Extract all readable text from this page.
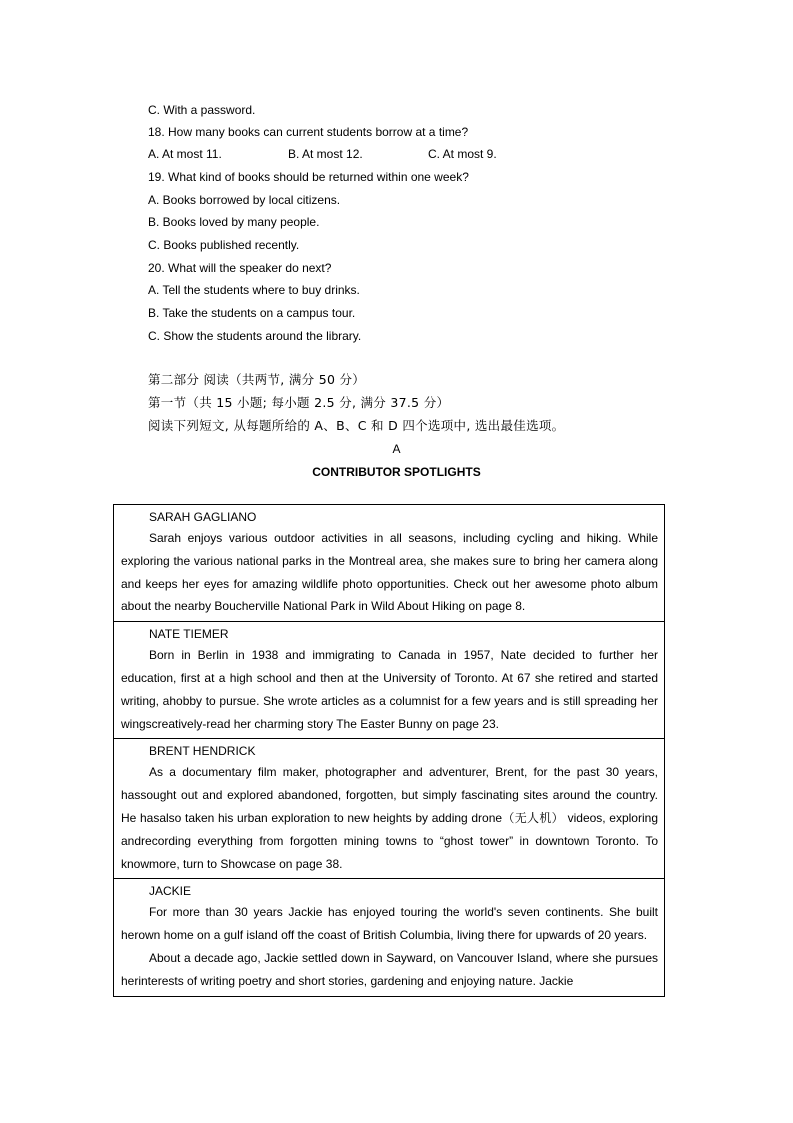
C. With a password.
18. How many books can current students borrow at a time?
A. At most 11.	B. At most 12.	C. At most 9.
19. What kind of books should be returned within one week?
A. Books borrowed by local citizens.
B. Books loved by many people.
C. Books published recently.
20. What will the speaker do next?
A. Tell the students where to buy drinks.
B. Take the students on a campus tour.
C. Show the students around the library.
第二部分 阅读（共两节, 满分 50 分）
第一节（共 15 小题; 每小题 2.5 分, 满分 37.5 分）
阅读下列短文, 从每题所给的 A、B、C 和 D 四个选项中, 选出最佳选项。
A
CONTRIBUTOR SPOTLIGHTS
SARAH GAGLIANO
Sarah enjoys various outdoor activities in all seasons, including cycling and hiking. While exploring the various national parks in the Montreal area, she makes sure to bring her camera along and keeps her eyes for amazing wildlife photo opportunities. Check out her awesome photo album about the nearby Boucherville National Park in Wild About Hiking on page 8.

NATE TIEMER
Born in Berlin in 1938 and immigrating to Canada in 1957, Nate decided to further her education, first at a high school and then at the University of Toronto. At 67 she retired and started writing, ahobby to pursue. She wrote articles as a columnist for a few years and is still spreading her wingscreatively-read her charming story The Easter Bunny on page 23.

BRENT HENDRICK
As a documentary film maker, photographer and adventurer, Brent, for the past 30 years, hassought out and explored abandoned, forgotten, but simply fascinating sites around the country. He hasalso taken his urban exploration to new heights by adding drone（无人机） videos, exploring andrecording everything from forgotten mining towns to “ghost tower” in downtown Toronto. To knowmore, turn to Showcase on page 38.

JACKIE
For more than 30 years Jackie has enjoyed touring the world's seven continents. She built herown home on a gulf island off the coast of British Columbia, living there for upwards of 20 years.
About a decade ago, Jackie settled down in Sayward, on Vancouver Island, where she pursues herinterests of writing poetry and short stories, gardening and enjoying nature. Jackie
